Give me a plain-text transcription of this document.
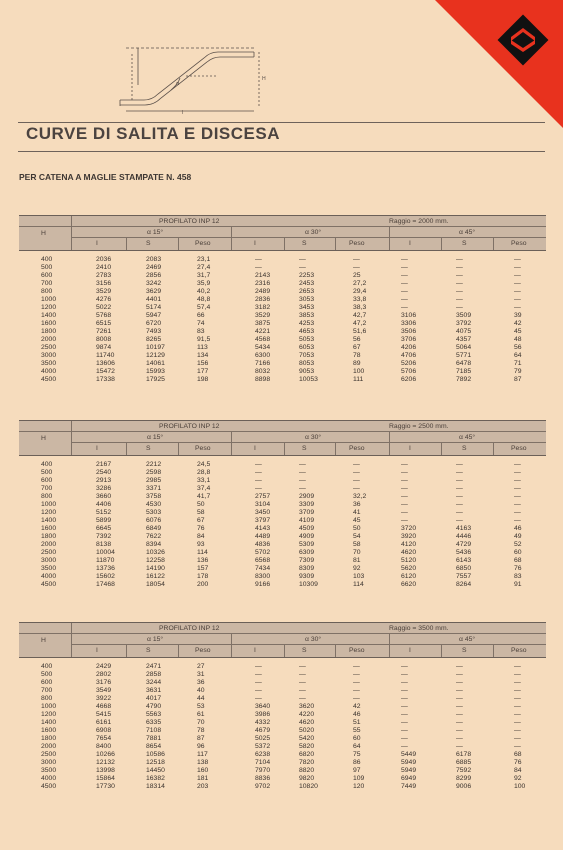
H
I
α
CURVE DI SALITA E DISCESA
PER CATENA A MAGLIE STAMPATE N. 458
PROFILATO INP 12	Raggio = 2000 mm.
H	α 15°	α 30°	α 45°
I	S	Peso	I	S	Peso	I	S	Peso
400	2036	2083	23,1	—	—	—	—	—	—
500	2410	2469	27,4	—	—	—	—	—	—
600	2783	2856	31,7	2143	2253	25	—	—	—
700	3156	3242	35,9	2316	2453	27,2	—	—	—
800	3529	3629	40,2	2489	2653	29,4	—	—	—
1000	4276	4401	48,8	2836	3053	33,8	—	—	—
1200	5022	5174	57,4	3182	3453	38,3	—	—	—
1400	5768	5947	66	3529	3853	42,7	3106	3509	39
1600	6515	6720	74	3875	4253	47,2	3306	3792	42
1800	7261	7493	83	4221	4653	51,6	3506	4075	45
2000	8008	8265	91,5	4568	5053	56	3706	4357	48
2500	9874	10197	113	5434	6053	67	4206	5064	56
3000	11740	12129	134	6300	7053	78	4706	5771	64
3500	13606	14061	156	7166	8053	89	5206	6478	71
4000	15472	15993	177	8032	9053	100	5706	7185	79
4500	17338	17925	198	8898	10053	111	6206	7892	87
PROFILATO INP 12	Raggio = 2500 mm.
H	α 15°	α 30°	α 45°
I	S	Peso	I	S	Peso	I	S	Peso
400	2167	2212	24,5	—	—	—	—	—	—
500	2540	2598	28,8	—	—	—	—	—	—
600	2913	2985	33,1	—	—	—	—	—	—
700	3286	3371	37,4	—	—	—	—	—	—
800	3660	3758	41,7	2757	2909	32,2	—	—	—
1000	4406	4530	50	3104	3309	36	—	—	—
1200	5152	5303	58	3450	3709	41	—	—	—
1400	5899	6076	67	3797	4109	45	—	—	—
1600	6645	6849	76	4143	4509	50	3720	4163	46
1800	7392	7622	84	4489	4909	54	3920	4446	49
2000	8138	8394	93	4836	5309	58	4120	4729	52
2500	10004	10326	114	5702	6309	70	4620	5436	60
3000	11870	12258	136	6568	7309	81	5120	6143	68
3500	13736	14190	157	7434	8309	92	5620	6850	76
4000	15602	16122	178	8300	9309	103	6120	7557	83
4500	17468	18054	200	9166	10309	114	6620	8264	91
PROFILATO INP 12	Raggio = 3500 mm.
H	α 15°	α 30°	α 45°
I	S	Peso	I	S	Peso	I	S	Peso
400	2429	2471	27	—	—	—	—	—	—
500	2802	2858	31	—	—	—	—	—	—
600	3176	3244	36	—	—	—	—	—	—
700	3549	3631	40	—	—	—	—	—	—
800	3922	4017	44	—	—	—	—	—	—
1000	4668	4790	53	3640	3620	42	—	—	—
1200	5415	5563	61	3986	4220	46	—	—	—
1400	6161	6335	70	4332	4620	51	—	—	—
1600	6908	7108	78	4679	5020	55	—	—	—
1800	7654	7881	87	5025	5420	60	—	—	—
2000	8400	8654	96	5372	5820	64	—	—	—
2500	10266	10586	117	6238	6820	75	5449	6178	68
3000	12132	12518	138	7104	7820	86	5949	6885	76
3500	13998	14450	160	7970	8820	97	5949	7592	84
4000	15864	16382	181	8836	9820	109	6949	8299	92
4500	17730	18314	203	9702	10820	120	7449	9006	100
